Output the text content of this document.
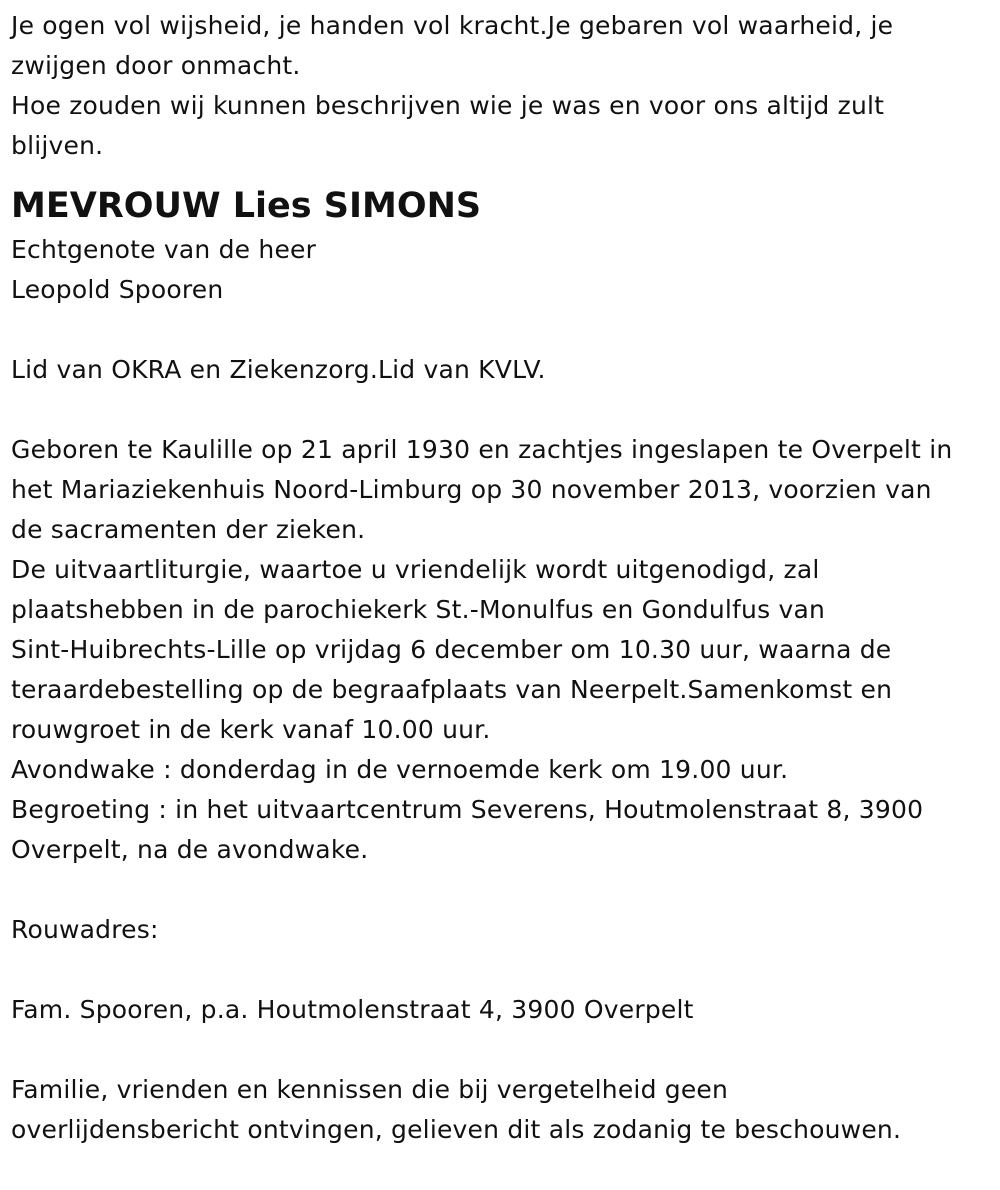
Je ogen vol wijsheid, je handen vol kracht.Je gebaren vol waarheid, je
zwijgen door onmacht.
Hoe zouden wij kunnen beschrijven wie je was en voor ons altijd zult
blijven.
MEVROUW Lies SIMONS
Echtgenote van de heer
Leopold Spooren
Lid van OKRA en Ziekenzorg.Lid van KVLV.
Geboren te Kaulille op 21 april 1930 en zachtjes ingeslapen te Overpelt in
het Mariaziekenhuis Noord-Limburg op 30 november 2013, voorzien van
de sacramenten der zieken.
De uitvaartliturgie, waartoe u vriendelijk wordt uitgenodigd, zal
plaatshebben in de parochiekerk St.-Monulfus en Gondulfus van
Sint-Huibrechts-Lille op vrijdag 6 december om 10.30 uur, waarna de
teraardebestelling op de begraafplaats van Neerpelt.Samenkomst en
rouwgroet in de kerk vanaf 10.00 uur.
Avondwake : donderdag in de vernoemde kerk om 19.00 uur.
Begroeting : in het uitvaartcentrum Severens, Houtmolenstraat 8, 3900
Overpelt, na de avondwake.
Rouwadres:
Fam. Spooren, p.a. Houtmolenstraat 4, 3900 Overpelt
Familie, vrienden en kennissen die bij vergetelheid geen
overlijdensbericht ontvingen, gelieven dit als zodanig te beschouwen.
